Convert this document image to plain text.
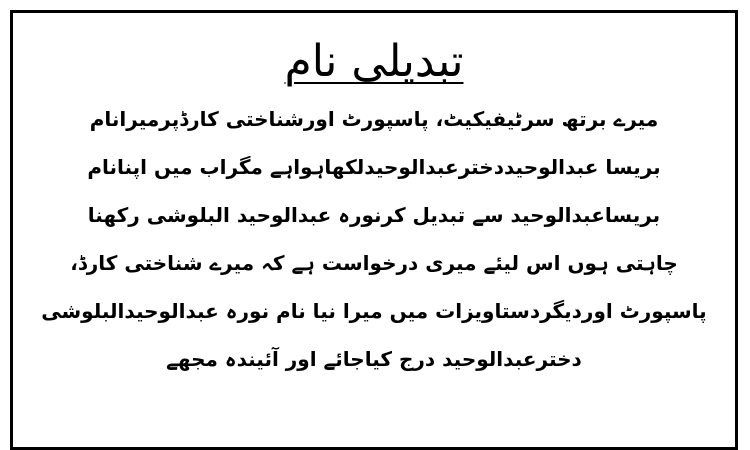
تبدیلی نام
میرے برتھ سرٹیفیکیٹ، پاسپورٹ اورشناختی کارڈپرمیرانام
بریسا عبدالوحیددخترعبدالوحیدلکھاہواہے مگراب میں اپنانام
بریساعبدالوحید سے تبدیل کرنورہ عبدالوحید البلوشی رکھنا
چاہتی ہوں اس لیئے میری درخواست ہے کہ میرے شناختی کارڈ،
پاسپورٹ اوردیگردستاویزات میں میرا نیا نام نورہ عبدالوحیدالبلوشی
دخترعبدالوحید درج کیاجائے اور آئیندہ مجھے
